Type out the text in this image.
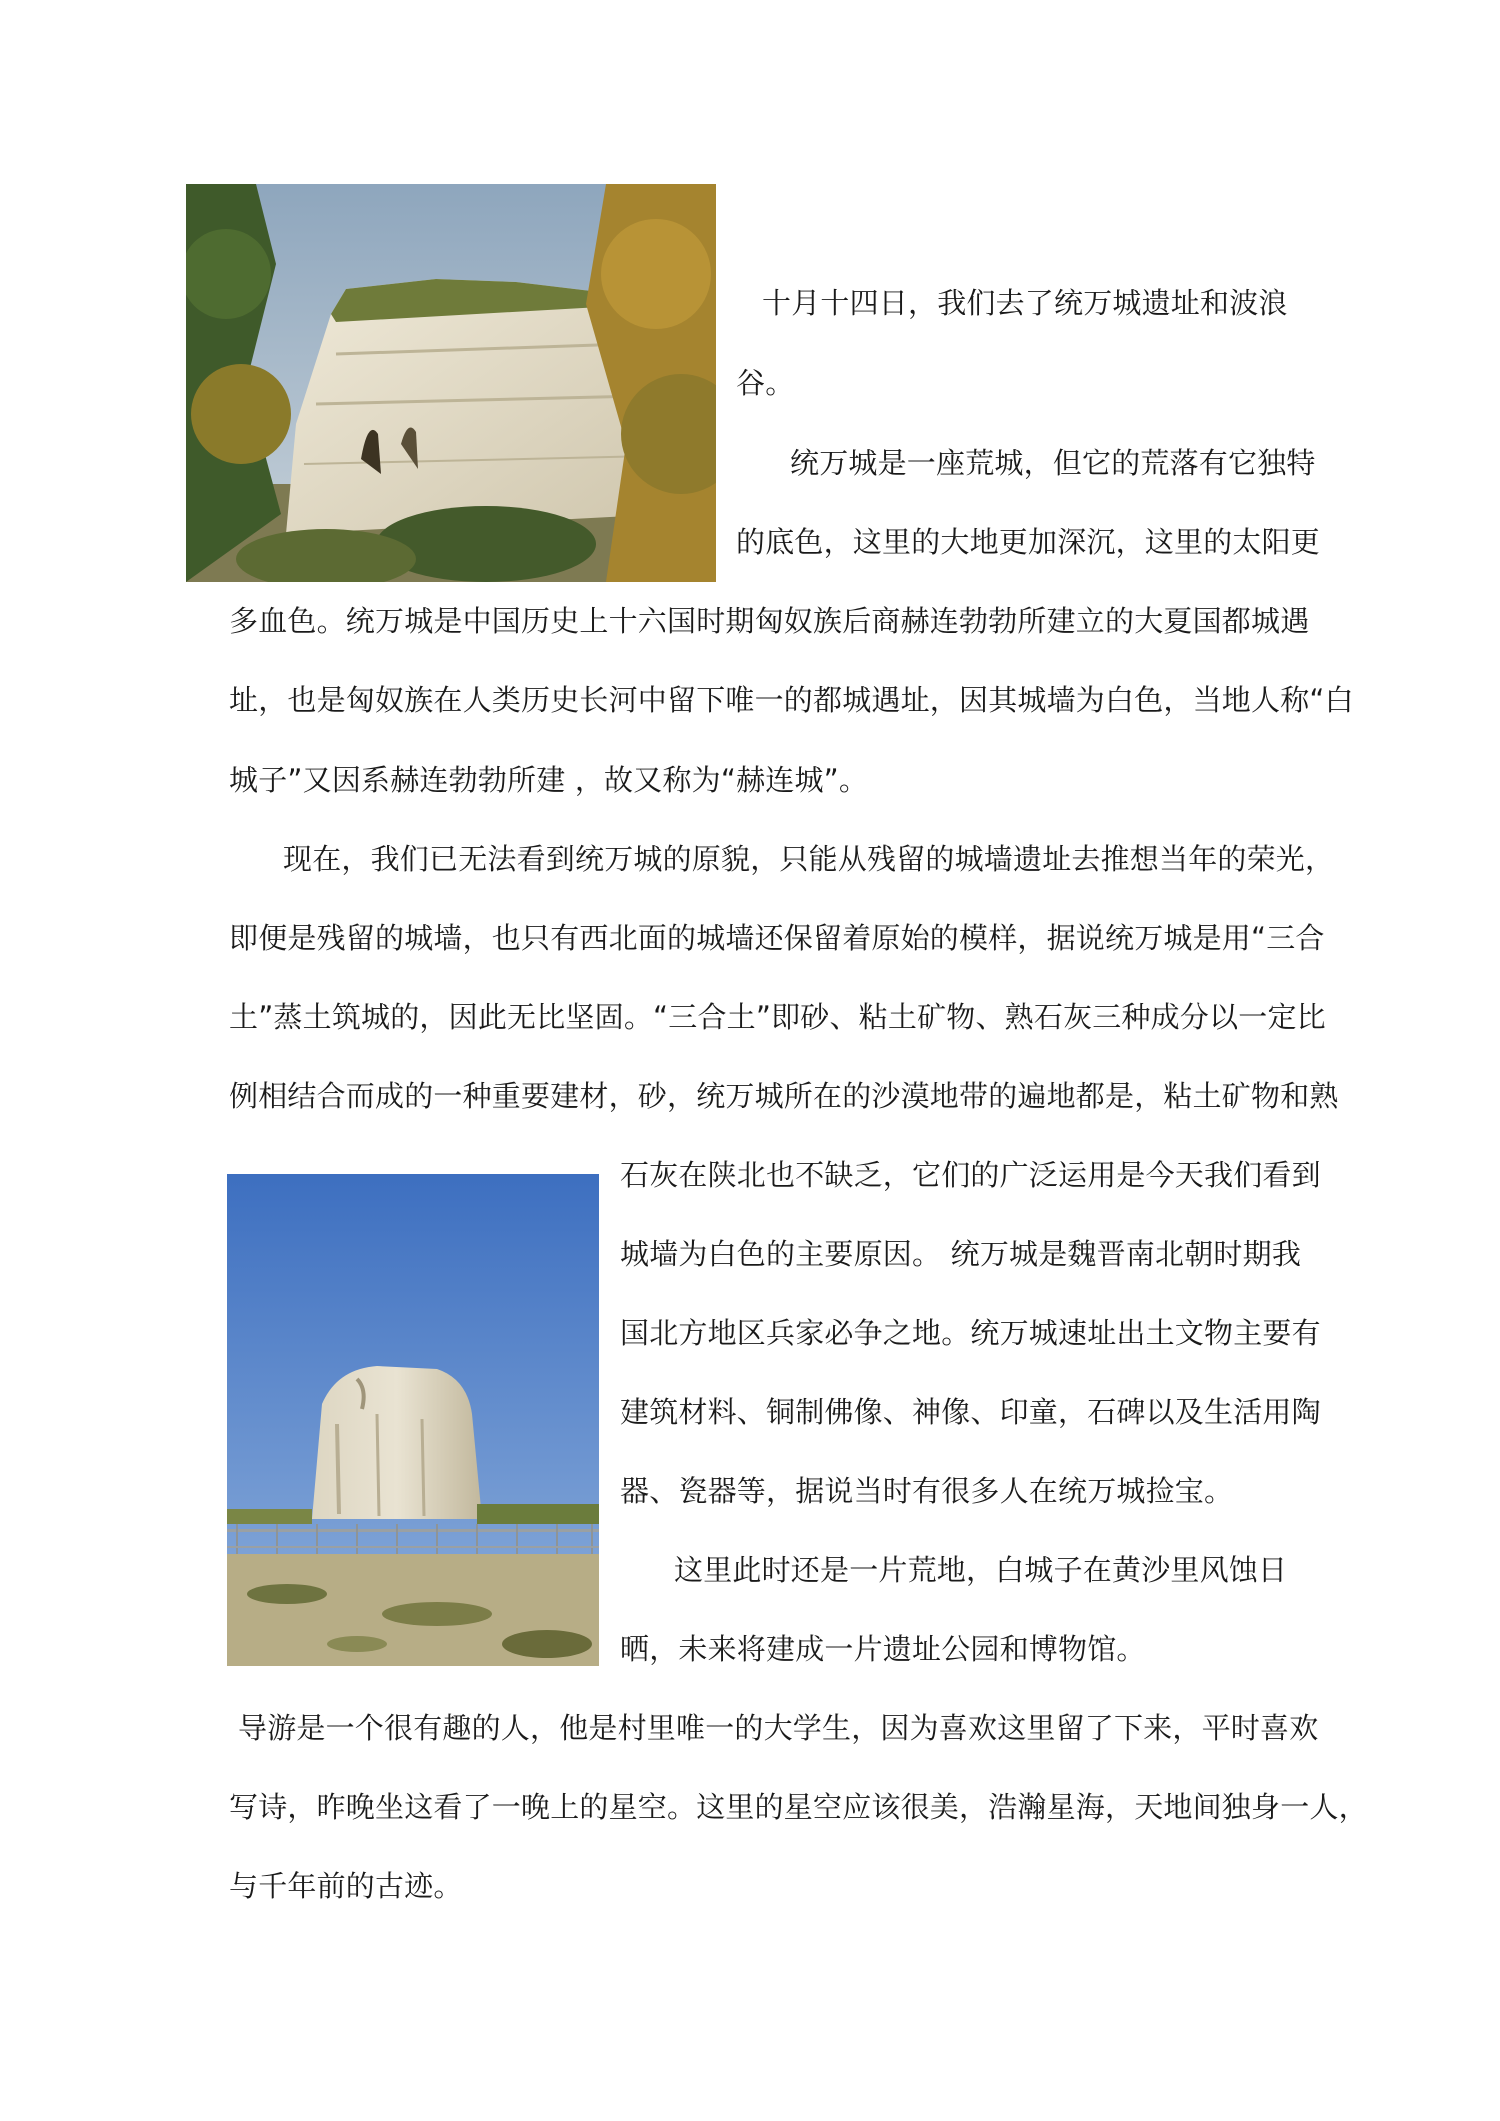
十月十四日，我们去了统万城遗址和波浪
谷。
统万城是一座荒城，但它的荒落有它独特
的底色，这里的大地更加深沉，这里的太阳更
多血色。统万城是中国历史上十六国时期匈奴族后商赫连勃勃所建立的大夏国都城遇
址，也是匈奴族在人类历史长河中留下唯一的都城遇址，因其城墙为白色，当地人称“白
城子”又因系赫连勃勃所建 ，故又称为“赫连城”。
现在，我们已无法看到统万城的原貌，只能从残留的城墙遗址去推想当年的荣光，
即便是残留的城墙，也只有西北面的城墙还保留着原始的模样，据说统万城是用“三合
土”蒸土筑城的，因此无比坚固。“三合土”即砂、粘土矿物、熟石灰三种成分以一定比
例相结合而成的一种重要建材，砂，统万城所在的沙漠地带的遍地都是，粘土矿物和熟
石灰在陕北也不缺乏，它们的广泛运用是今天我们看到
城墙为白色的主要原因。 统万城是魏晋南北朝时期我
国北方地区兵家必争之地。统万城速址出土文物主要有
建筑材料、铜制佛像、神像、印童，石碑以及生活用陶
器、瓷器等，据说当时有很多人在统万城捡宝。
这里此时还是一片荒地，白城子在黄沙里风蚀日
晒，未来将建成一片遗址公园和博物馆。
导游是一个很有趣的人，他是村里唯一的大学生，因为喜欢这里留了下来，平时喜欢
写诗，昨晚坐这看了一晚上的星空。这里的星空应该很美，浩瀚星海，天地间独身一人，
与千年前的古迹。
